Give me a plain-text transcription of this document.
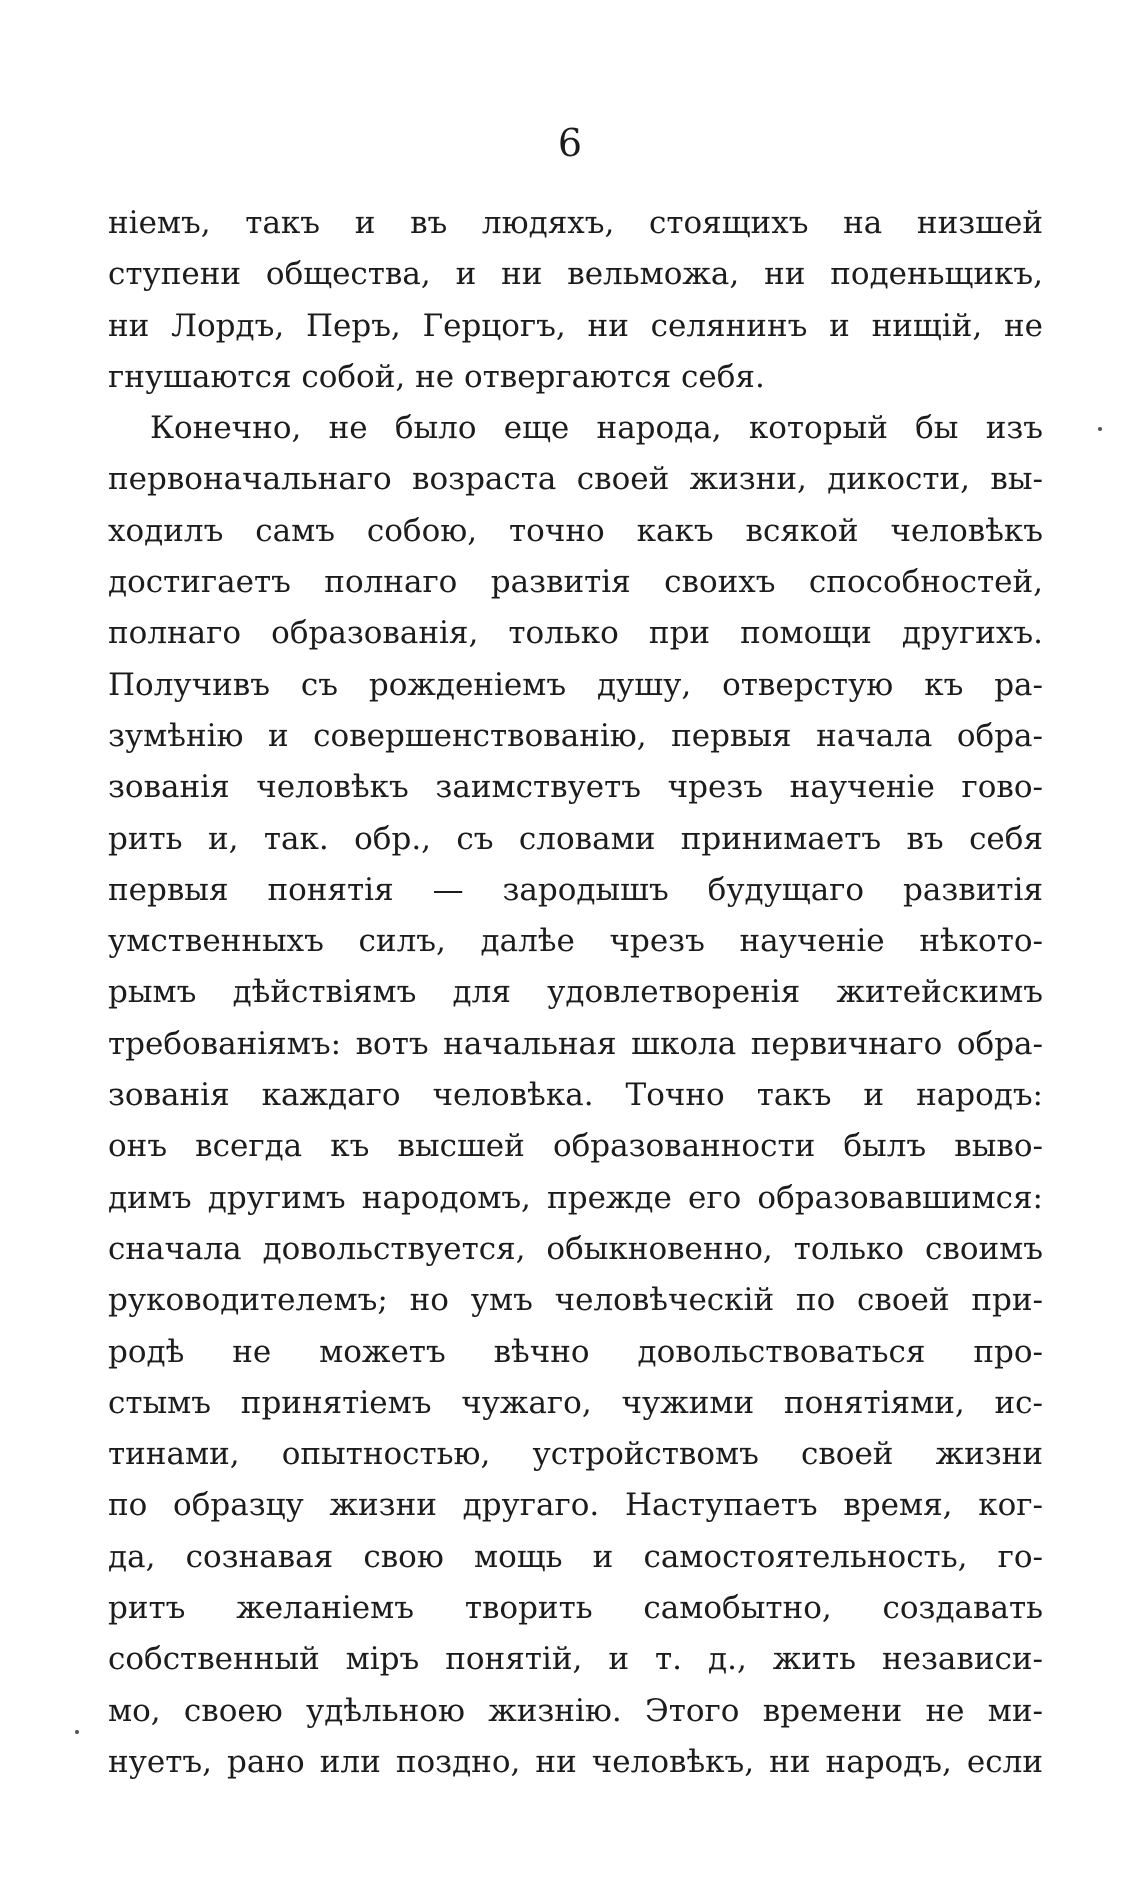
6
нiемъ, такъ и въ людяхъ, стоящихъ на низшей
ступени общества, и ни вельможа, ни поденьщикъ,
ни Лордъ, Перъ, Герцогъ, ни селянинъ и нищiй, не
гнушаются собой, не отвергаются себя.
Конечно, не было еще народа, который бы изъ
первоначальнаго возраста своей жизни, дикости, вы-
ходилъ самъ собою, точно какъ всякой человѣкъ
достигаетъ полнаго развитiя своихъ способностей,
полнаго образованiя, только при помощи другихъ.
Получивъ съ рожденiемъ душу, отверстую къ ра-
зумѣнiю и совершенствованiю, первыя начала обра-
зованiя человѣкъ заимствуетъ чрезъ наученiе гово-
рить и, так. обр., съ словами принимаетъ въ себя
первыя понятiя — зародышъ будущаго развитiя
умственныхъ силъ, далѣе чрезъ наученiе нѣкото-
рымъ дѣйствiямъ для удовлетворенiя житейскимъ
требованiямъ: вотъ начальная школа первичнаго обра-
зованiя каждаго человѣка. Точно такъ и народъ:
онъ всегда къ высшей образованности былъ выво-
димъ другимъ народомъ, прежде его образовавшимся:
сначала довольствуется, обыкновенно, только своимъ
руководителемъ; но умъ человѣческiй по своей при-
родѣ не можетъ вѣчно довольствоваться про-
стымъ принятiемъ чужаго, чужими понятiями, ис-
тинами, опытностью, устройствомъ своей жизни
по образцу жизни другаго. Наступаетъ время, ког-
да, сознавая свою мощь и самостоятельность, го-
ритъ желанiемъ творить самобытно, создавать
собственный мiръ понятiй, и т. д., жить независи-
мо, своею удѣльною жизнiю. Этого времени не ми-
нуетъ, рано или поздно, ни человѣкъ, ни народъ, если
